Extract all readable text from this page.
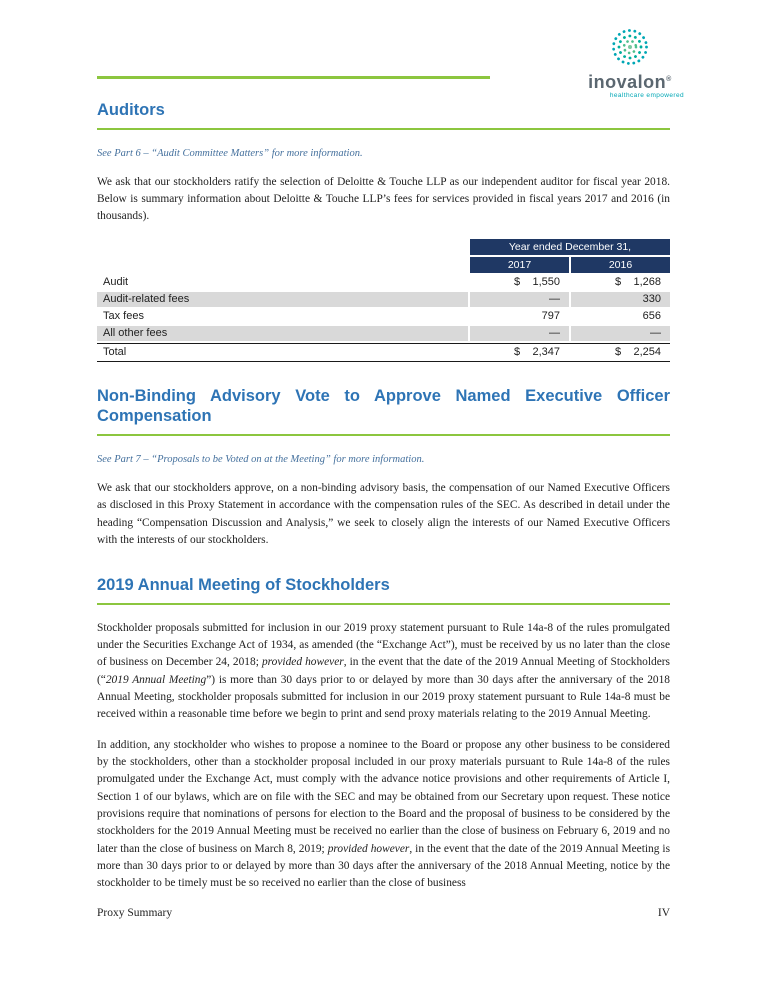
inovalon®
healthcare empowered
Auditors

See Part 6 – “Audit Committee Matters” for more information.

We ask that our stockholders ratify the selection of Deloitte & Touche LLP as our independent auditor for fiscal year 2018. Below is summary information about Deloitte & Touche LLP’s fees for services provided in fiscal years 2017 and 2016 (in thousands).

Year ended December 31,
2017	2016
Audit	$	1,550	$	1,268
Audit-related fees	—	330
Tax fees	797	656
All other fees	—	—
Total	$	2,347	$	2,254
Non-Binding Advisory Vote to Approve Named Executive Officer Compensation

See Part 7 – “Proposals to be Voted on at the Meeting” for more information.

We ask that our stockholders approve, on a non-binding advisory basis, the compensation of our Named Executive Officers as disclosed in this Proxy Statement in accordance with the compensation rules of the SEC. As described in detail under the heading “Compensation Discussion and Analysis,” we seek to closely align the interests of our Named Executive Officers with the interests of our stockholders.

2019 Annual Meeting of Stockholders

Stockholder proposals submitted for inclusion in our 2019 proxy statement pursuant to Rule 14a-8 of the rules promulgated under the Securities Exchange Act of 1934, as amended (the “Exchange Act”), must be received by us no later than the close of business on December 24, 2018; provided however, in the event that the date of the 2019 Annual Meeting of Stockholders (“2019 Annual Meeting”) is more than 30 days prior to or delayed by more than 30 days after the anniversary of the 2018 Annual Meeting, stockholder proposals submitted for inclusion in our 2019 proxy statement pursuant to Rule 14a-8 must be received within a reasonable time before we begin to print and send proxy materials relating to the 2019 Annual Meeting.

In addition, any stockholder who wishes to propose a nominee to the Board or propose any other business to be considered by the stockholders, other than a stockholder proposal included in our proxy materials pursuant to Rule 14a-8 of the rules promulgated under the Exchange Act, must comply with the advance notice provisions and other requirements of Article I, Section 1 of our bylaws, which are on file with the SEC and may be obtained from our Secretary upon request. These notice provisions require that nominations of persons for election to the Board and the proposal of business to be considered by the stockholders for the 2019 Annual Meeting must be received no earlier than the close of business on February 6, 2019 and no later than the close of business on March 8, 2019; provided however, in the event that the date of the 2019 Annual Meeting is more than 30 days prior to or delayed by more than 30 days after the anniversary of the 2018 Annual Meeting, notice by the stockholder to be timely must be so received no earlier than the close of business

Proxy Summary	IV
